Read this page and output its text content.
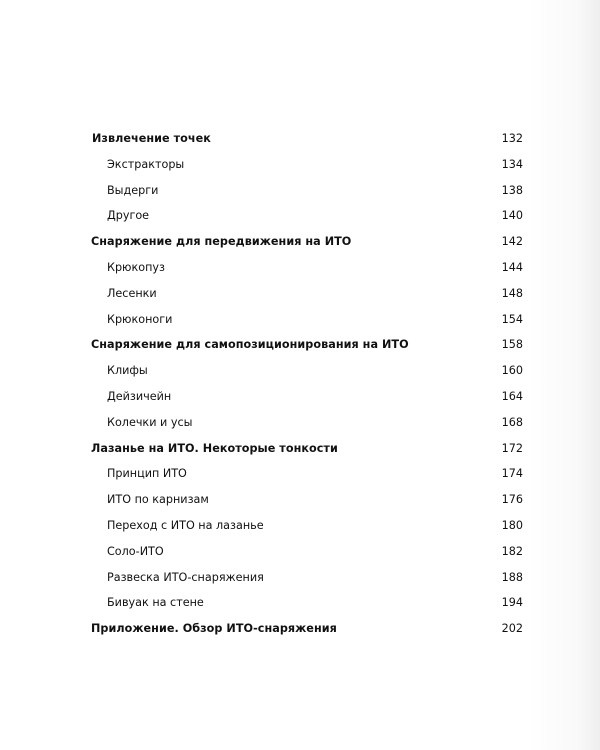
Извлечение точек	132
Экстракторы	134
Выдерги	138
Другое	140
Снаряжение для передвижения на ИТО	142
Крюкопуз	144
Лесенки	148
Крюконоги	154
Снаряжение для самопозиционирования на ИТО	158
Клифы	160
Дейзичейн	164
Колечки и усы	168
Лазанье на ИТО. Некоторые тонкости	172
Принцип ИТО	174
ИТО по карнизам	176
Переход с ИТО на лазанье	180
Соло-ИТО	182
Развеска ИТО-снаряжения	188
Бивуак на стене	194
Приложение. Обзор ИТО-снаряжения	202
